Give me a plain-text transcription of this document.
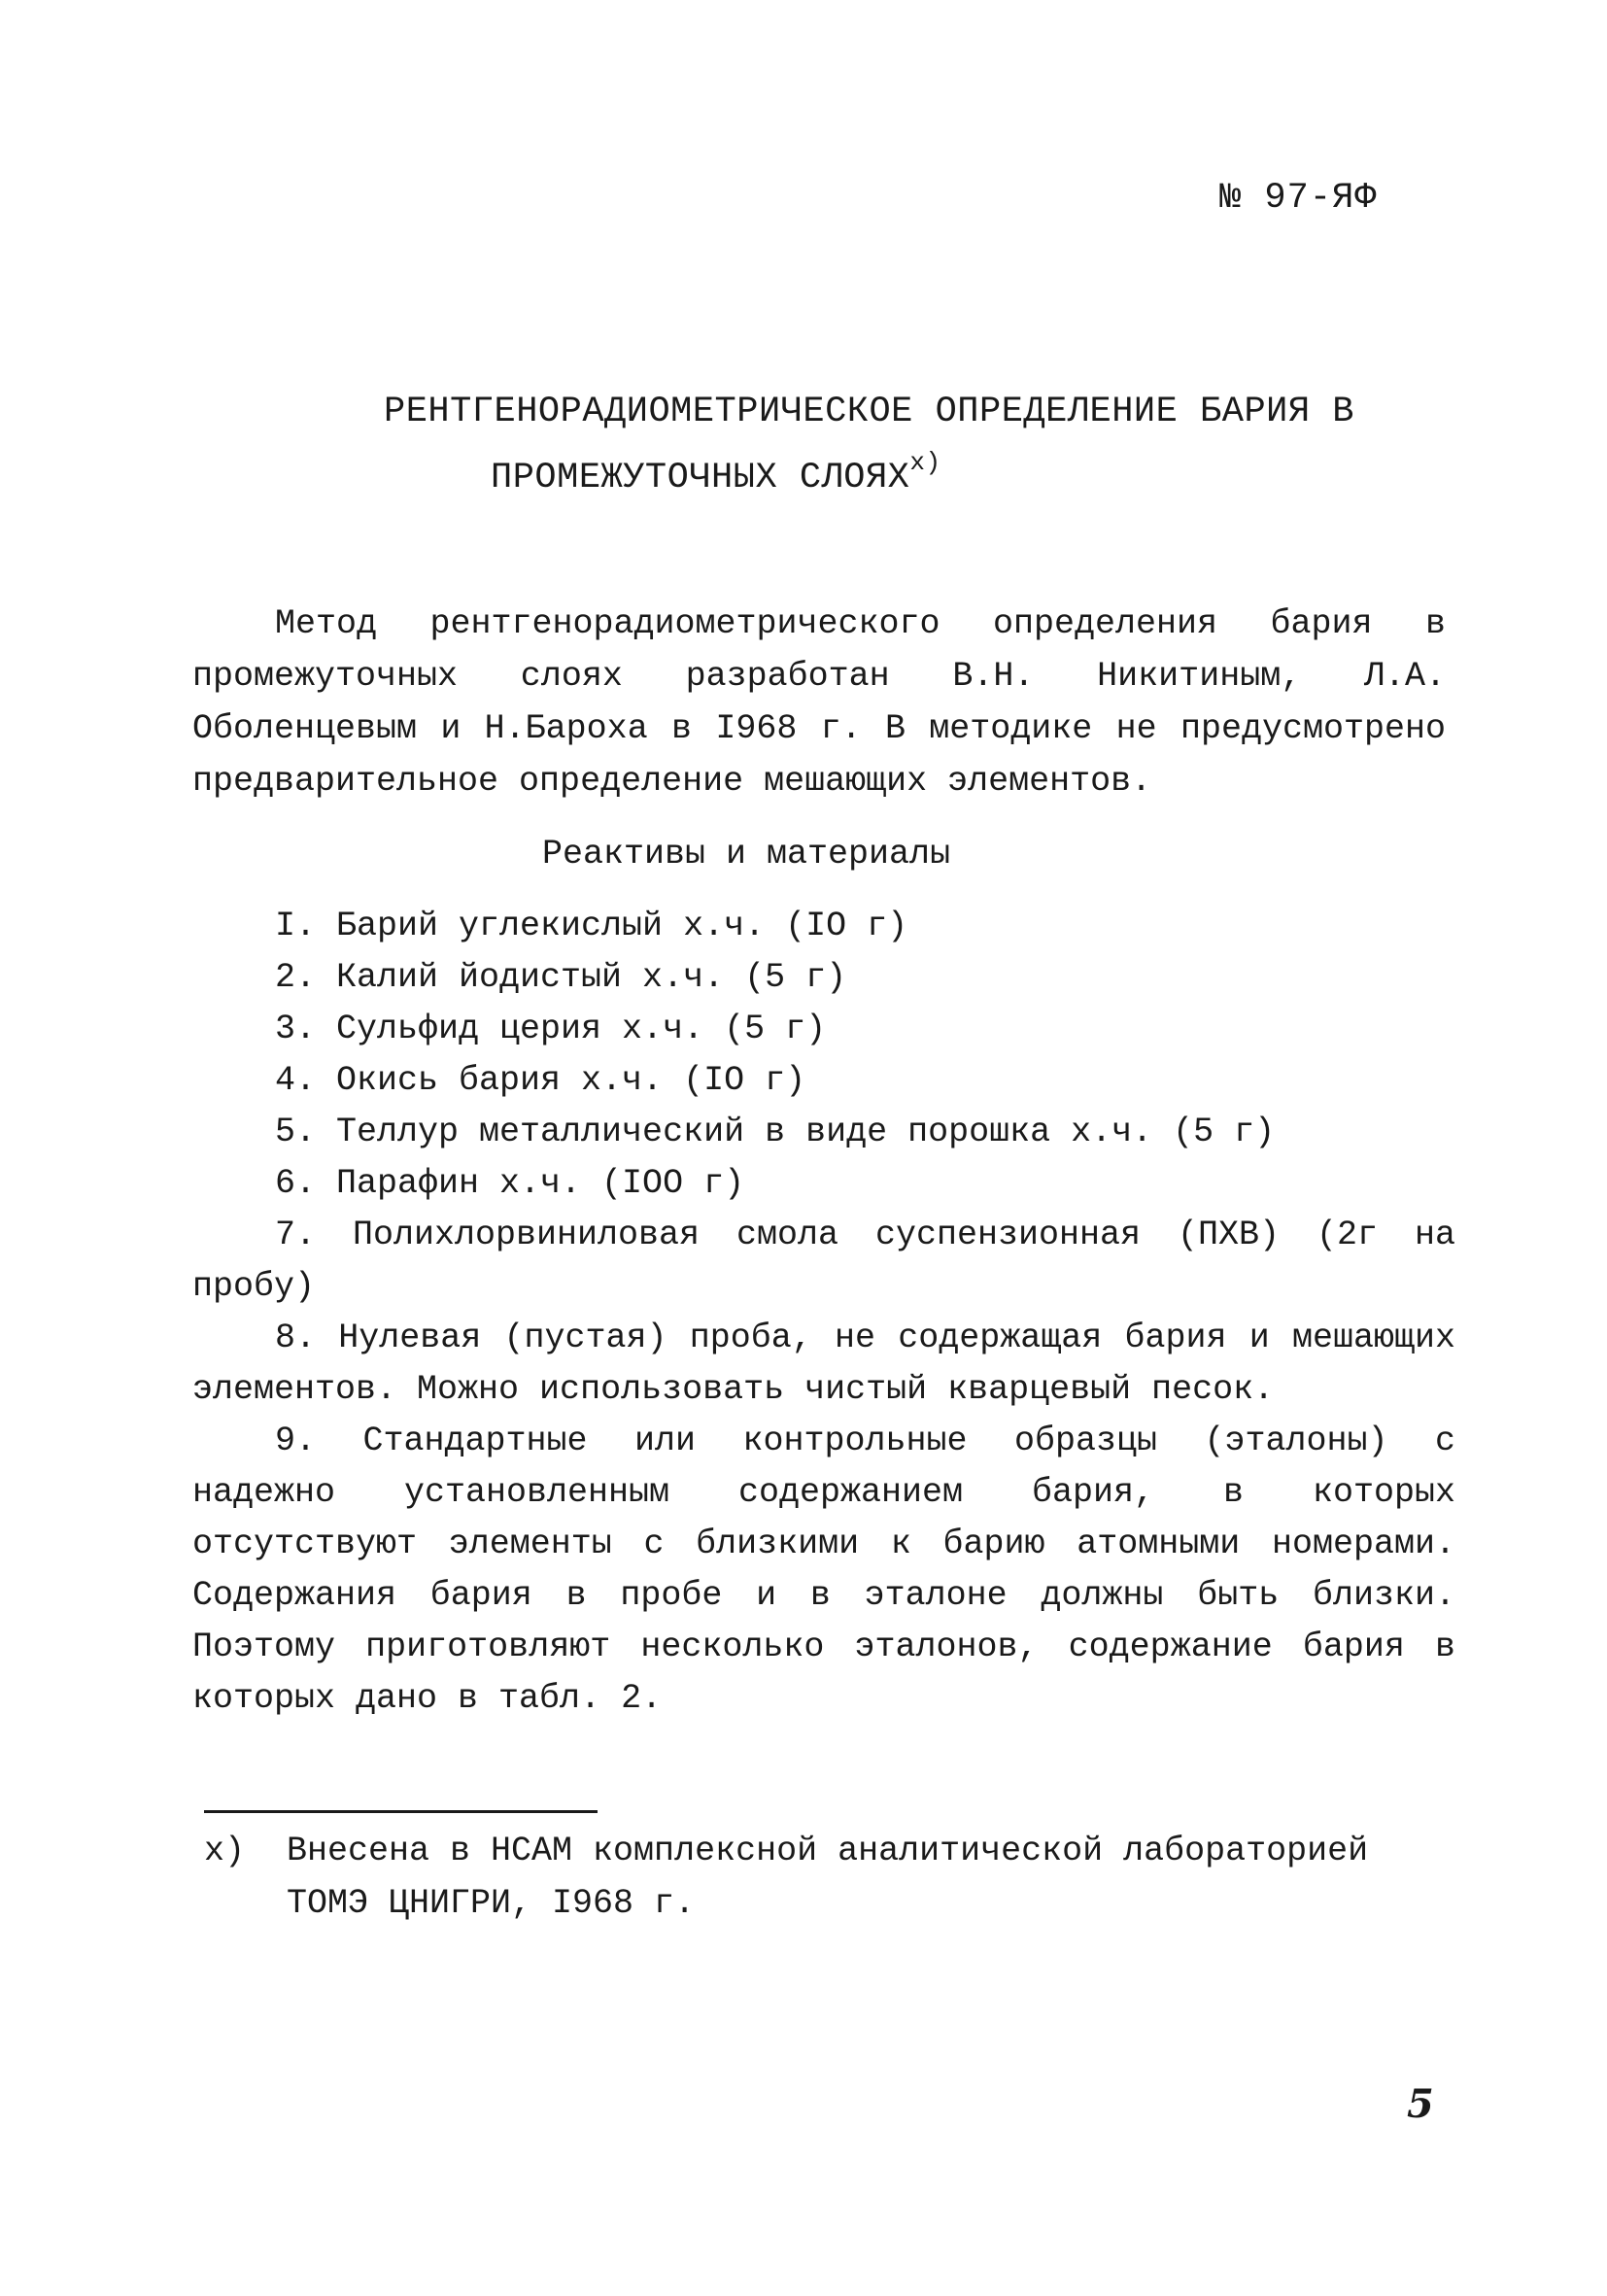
№ 97-ЯФ
РЕНТГЕНОРАДИОМЕТРИЧЕСКОЕ ОПРЕДЕЛЕНИЕ БАРИЯ В

ПРОМЕЖУТОЧНЫХ СЛОЯХ$^{x)}$
Метод рентгенорадиометрического определения бария в промежуточных слоях разработан В.Н. Никитиным, Л.А. Оболенцевым и Н.Бароха в I968 г. В методике не предусмотрено предварительное определение мешающих элементов.
Реактивы и материалы
I. Барий углекислый х.ч. (IO г)
2. Калий йодистый х.ч. (5 г)
3. Сульфид церия х.ч. (5 г)
4. Окись бария х.ч. (IO г)
5. Теллур металлический в виде порошка х.ч. (5 г)
6. Парафин х.ч. (IOO г)
7. Полихлорвиниловая смола суспензионная (ПХВ) (2г на пробу)
8. Нулевая (пустая) проба, не содержащая бария и мешающих элементов. Можно использовать чистый кварцевый песок.
9. Стандартные или контрольные образцы (эталоны) с надежно установленным содержанием бария, в которых отсутствуют элементы с близкими к барию атомными номерами. Содержания бария в пробе и в эталоне должны быть близки. Поэтому приготовляют несколько эталонов, содержание бария в которых дано в табл. 2.
x)	Внесена в НСАМ комплексной аналитической лабораторией ТОМЭ ЦНИГРИ, I968 г.
5
